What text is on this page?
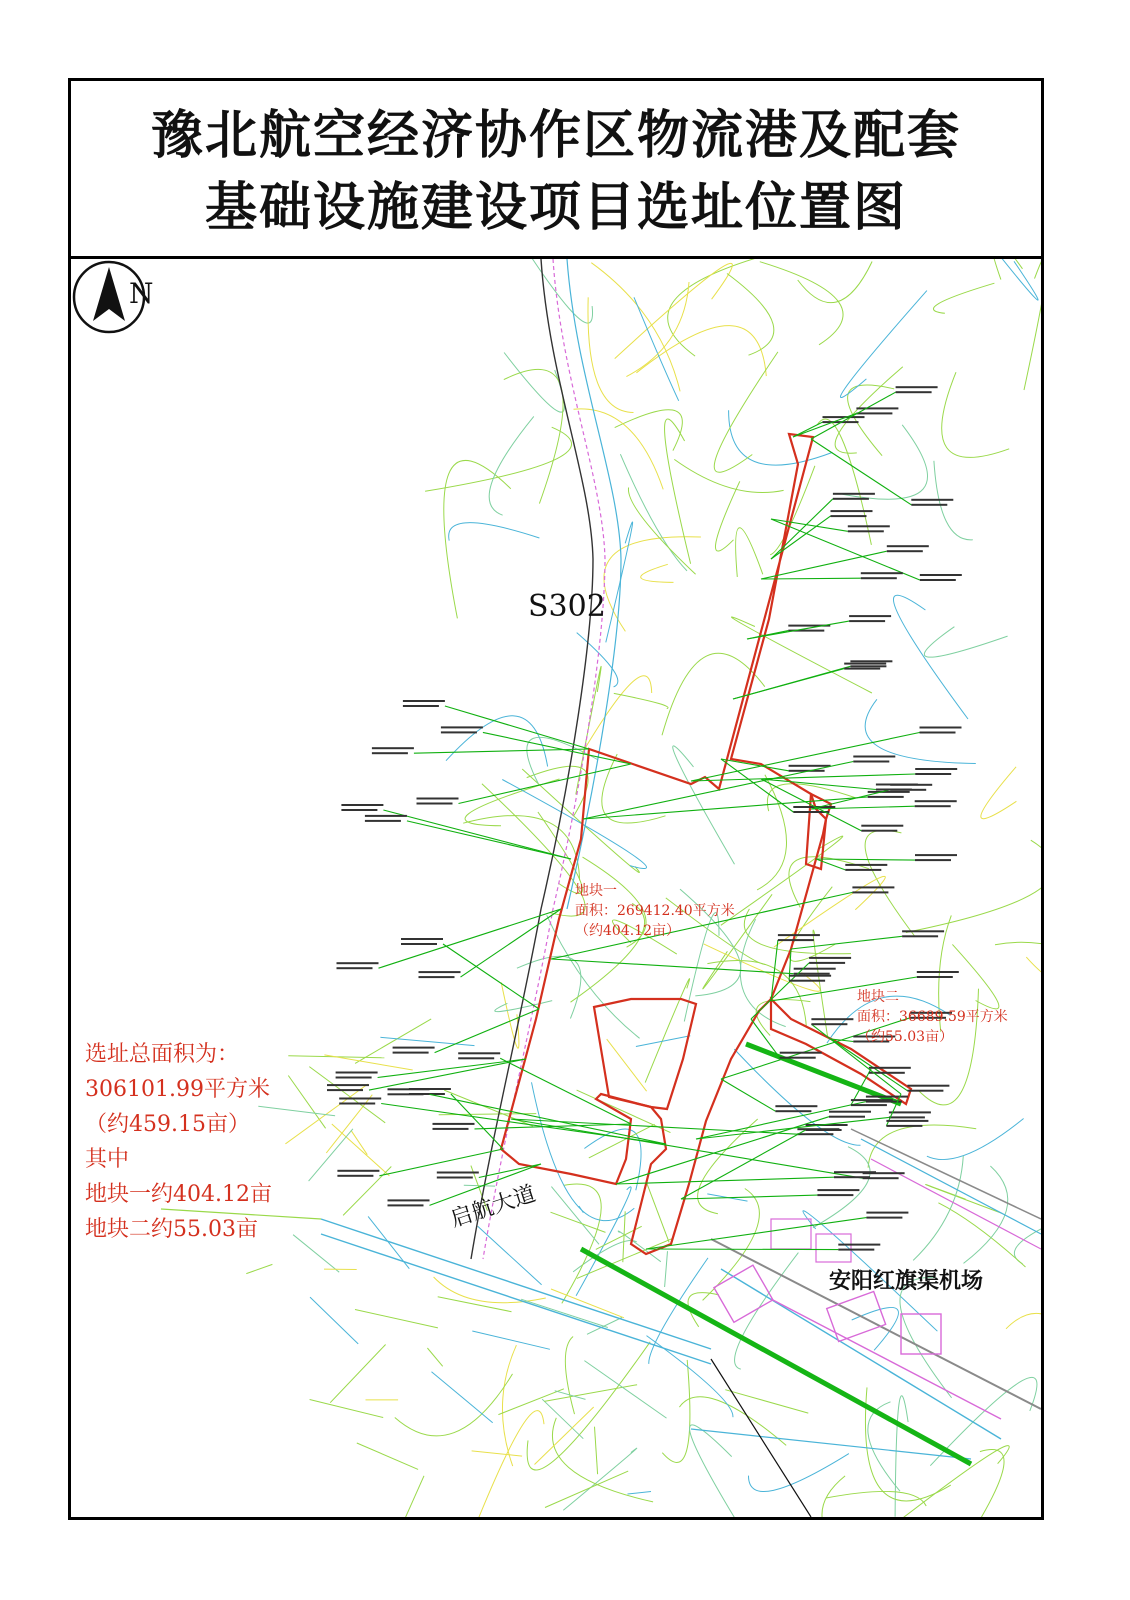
豫北航空经济协作区物流港及配套
基础设施建设项目选址位置图
N
S302
启航大道
安阳红旗渠机场
地块一
面积：269412.40平方米
（约404.12亩）
地块二
面积：36689.59平方米
（约55.03亩）
选址总面积为：
306101.99平方米
（约459.15亩）
其中
地块一约404.12亩
地块二约55.03亩
